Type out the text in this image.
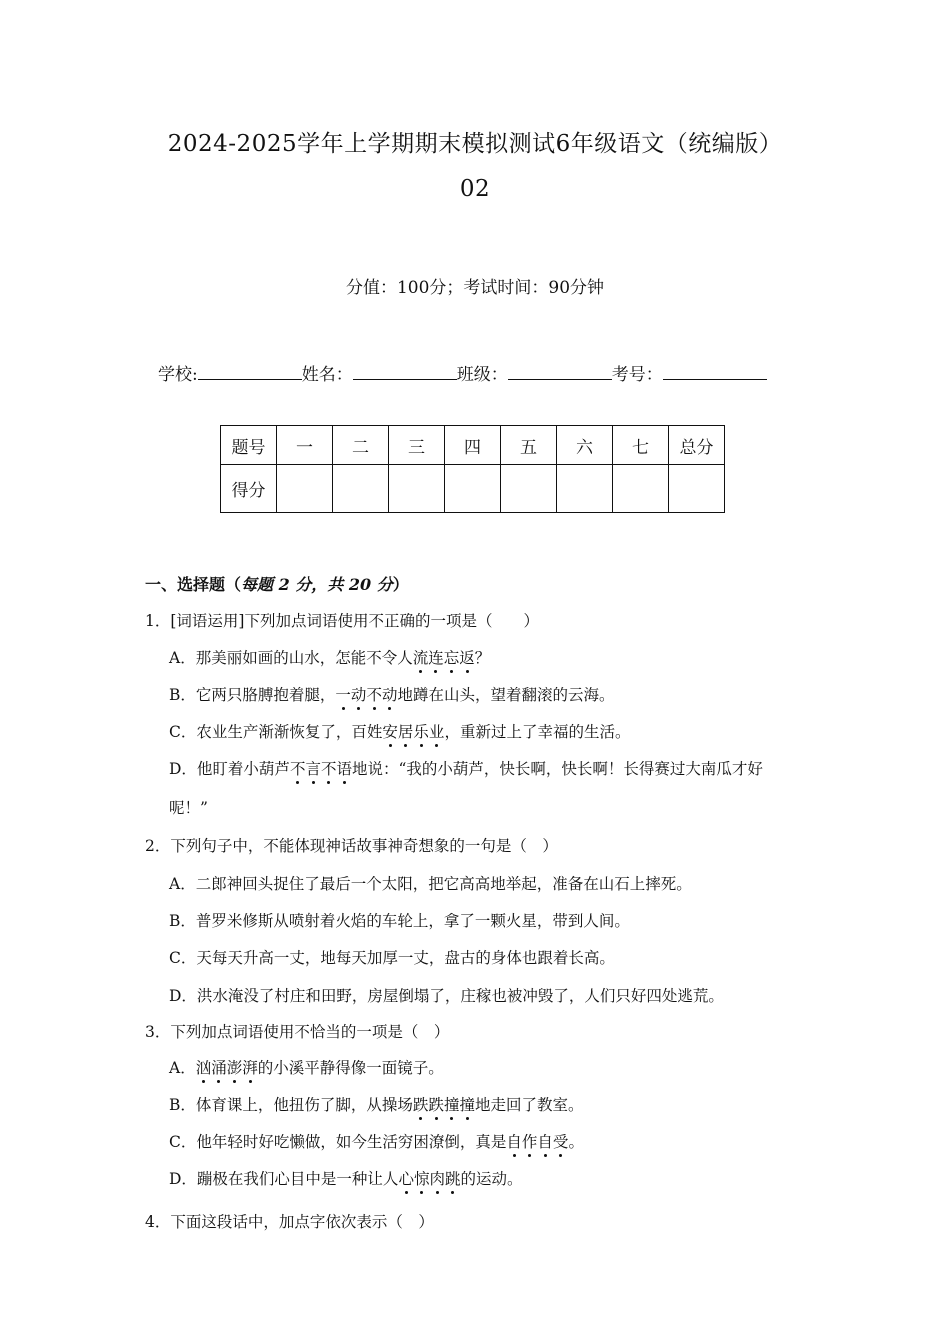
2024-2025学年上学期期末模拟测试6年级语文（统编版）
02
分值：100分；考试时间：90分钟
学校:	姓名：	班级：	考号：
题号	一	二	三	四	五	六	七	总分
得分								
一、选择题（每题 2 分，共 20 分）
1．[词语运用]下列加点词语使用不正确的一项是（　　）
A．那美丽如画的山水，怎能不令人流连忘返？
B．它两只胳膊抱着腿，一动不动地蹲在山头，望着翻滚的云海。
C．农业生产渐渐恢复了，百姓安居乐业，重新过上了幸福的生活。
D．他盯着小葫芦不言不语地说：“我的小葫芦，快长啊，快长啊！长得赛过大南瓜才好
呢！”
2．下列句子中，不能体现神话故事神奇想象的一句是（　）
A．二郎神回头捉住了最后一个太阳，把它高高地举起，准备在山石上摔死。
B．普罗米修斯从喷射着火焰的车轮上，拿了一颗火星，带到人间。
C．天每天升高一丈，地每天加厚一丈，盘古的身体也跟着长高。
D．洪水淹没了村庄和田野，房屋倒塌了，庄稼也被冲毁了，人们只好四处逃荒。
3．下列加点词语使用不恰当的一项是（　）
A．汹涌澎湃的小溪平静得像一面镜子。
B．体育课上，他扭伤了脚，从操场跌跌撞撞地走回了教室。
C．他年轻时好吃懒做，如今生活穷困潦倒，真是自作自受。
D．蹦极在我们心目中是一种让人心惊肉跳的运动。
4．下面这段话中，加点字依次表示（　）
